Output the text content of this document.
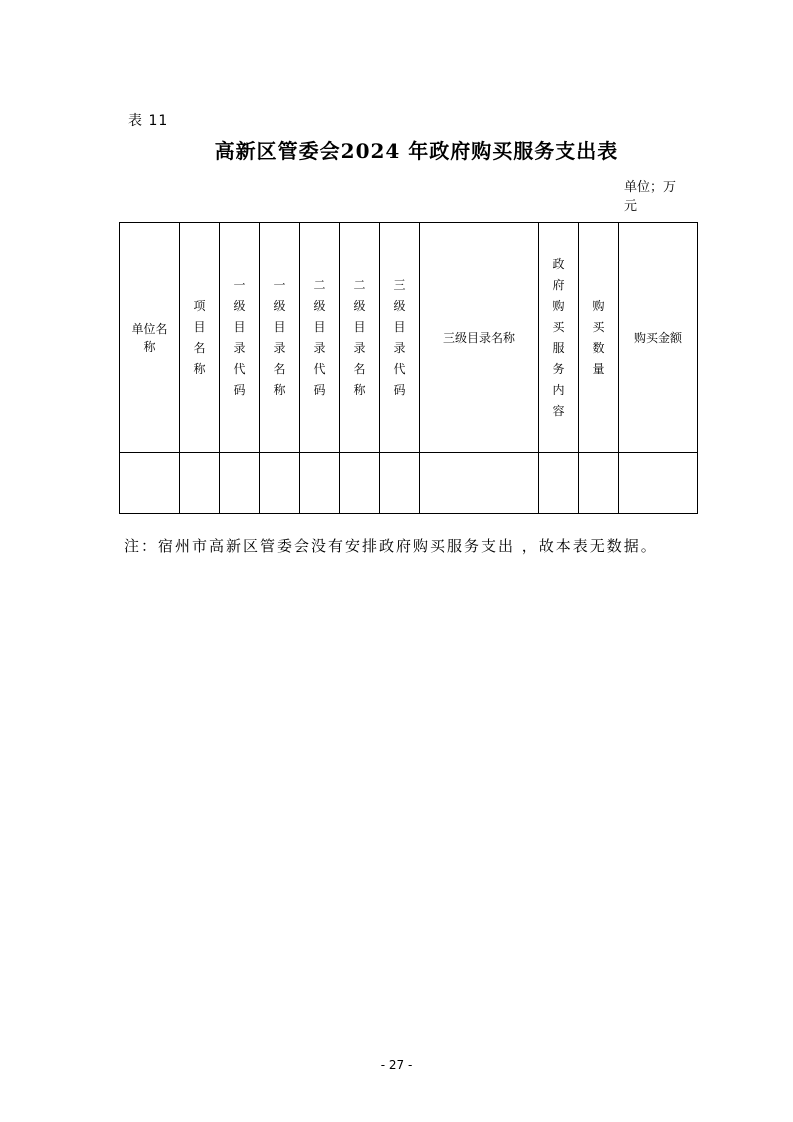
表 11
高新区管委会2024 年政府购买服务支出表
单位；万元
单位名称	项目名称	一级目录代码	一级目录名称	二级目录代码	二级目录名称	三级目录代码	三级目录名称	政府购买服务内容	购买数量	购买金额

注：宿州市高新区管委会没有安排政府购买服务支出 ，故本表无数据。
- 27 -
